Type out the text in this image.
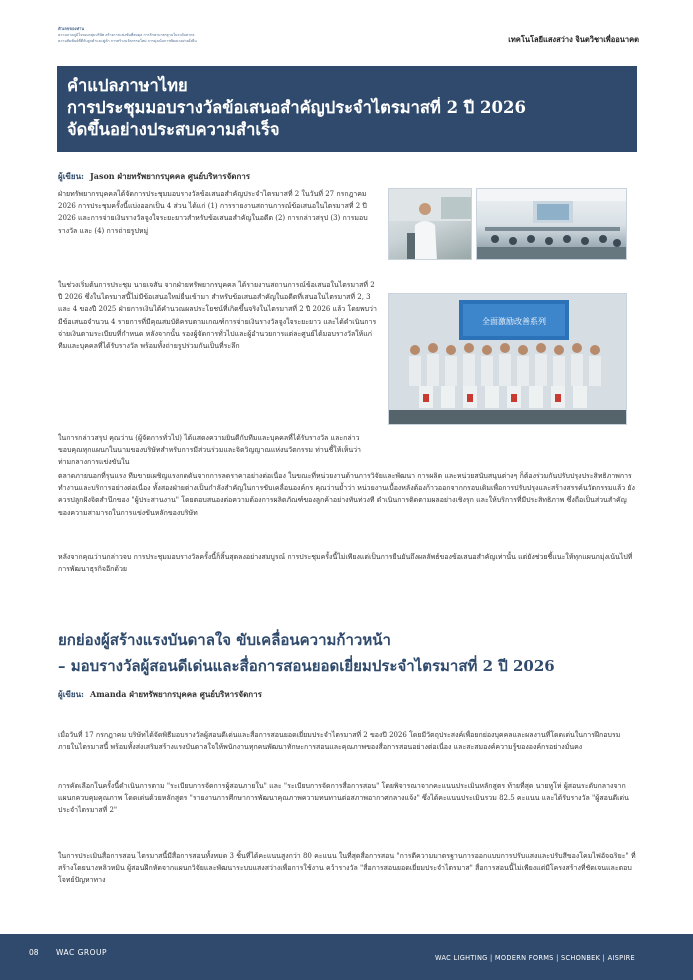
ตัวเลขของท่าน
ความภาคภูมิใจของกลุ่มบริษัท สร้างการแข่งขันที่สมดุล การรักษามาตรฐานในระดับสากล
ความสัมพันธ์ที่ดีกับลูกค้าและคู่ค้า การสร้างนวัตกรรมใหม่ การมุ่งเน้นการพัฒนาอย่างยั่งยืน	เทคโนโลยีแสงสว่าง จินตวิชาเพื่ออนาคต
คำแปลภาษาไทย
การประชุมมอบรางวัลข้อเสนอสำคัญประจำไตรมาสที่ 2 ปี 2026
จัดขึ้นอย่างประสบความสำเร็จ
ผู้เขียน: Jason ฝ่ายทรัพยากรบุคคล ศูนย์บริหารจัดการ

ฝ่ายทรัพยากรบุคคลได้จัดการประชุมมอบรางวัลข้อเสนอสำคัญประจำไตรมาสที่ 2 ในวันที่ 27 กรกฎาคม 2026 การประชุมครั้งนี้แบ่งออกเป็น 4 ส่วน ได้แก่ (1) การรายงานสถานการณ์ข้อเสนอในไตรมาสที่ 2 ปี 2026 และการจ่ายเงินรางวัลจูงใจระยะยาวสำหรับข้อเสนอสำคัญในอดีต (2) การกล่าวสรุป (3) การมอบรางวัล และ (4) การถ่ายรูปหมู่

ในช่วงเริ่มต้นการประชุม นายเจสัน จากฝ่ายทรัพยากรบุคคล ได้รายงานสถานการณ์ข้อเสนอในไตรมาสที่ 2 ปี 2026 ซึ่งในไตรมาสนี้ไม่มีข้อเสนอใหม่ยื่นเข้ามา สำหรับข้อเสนอสำคัญในอดีตที่เสนอในไตรมาสที่ 2, 3 และ 4 ของปี 2025 ฝ่ายการเงินได้คำนวณผลประโยชน์ที่เกิดขึ้นจริงในไตรมาสที่ 2 ปี 2026 แล้ว โดยพบว่ามีข้อเสนอจำนวน 4 รายการที่มีคุณสมบัติครบตามเกณฑ์การจ่ายเงินรางวัลจูงใจระยะยาว และได้ดำเนินการจ่ายเงินตามระเบียบที่กำหนด หลังจากนั้น รองผู้จัดการทั่วไปและผู้อำนวยการแต่ละศูนย์ได้มอบรางวัลให้แก่ทีมและบุคคลที่ได้รับรางวัล พร้อมทั้งถ่ายรูปร่วมกันเป็นที่ระลึก

ในการกล่าวสรุป คุณว่าน (ผู้จัดการทั่วไป) ได้แสดงความยินดีกับทีมและบุคคลที่ได้รับรางวัล และกล่าวขอบคุณทุกแผนกในนามของบริษัทสำหรับการมีส่วนร่วมและจิตวิญญาณแห่งนวัตกรรม ท่านชี้ให้เห็นว่า ท่ามกลางการแข่งขันใน

全面激励改善系列

ตลาดภายนอกที่รุนแรง ทีมขายเผชิญแรงกดดันจากการลดราคาอย่างต่อเนื่อง ในขณะที่หน่วยงานด้านการวิจัยและพัฒนา การผลิต และหน่วยสนับสนุนต่างๆ ก็ต้องร่วมกันปรับปรุงประสิทธิภาพการทำงานและบริการอย่างต่อเนื่อง ทั้งสองฝ่ายต่างเป็นกำลังสำคัญในการขับเคลื่อนองค์กร คุณว่านย้ำว่า หน่วยงานเบื้องหลังต้องก้าวออกจากกรอบเดิมเพื่อการปรับปรุงและสร้างสรรค์นวัตกรรมแล้ว ยังควรปลูกฝังจิตสำนึกของ "ผู้ประสานงาน" โดยตอบสนองต่อความต้องการผลิตภัณฑ์ของลูกค้าอย่างทันท่วงที ดำเนินการติดตามผลอย่างเชิงรุก และให้บริการที่มีประสิทธิภาพ ซึ่งถือเป็นส่วนสำคัญของความสามารถในการแข่งขันหลักของบริษัท

หลังจากคุณว่านกล่าวจบ การประชุมมอบรางวัลครั้งนี้ก็สิ้นสุดลงอย่างสมบูรณ์ การประชุมครั้งนี้ไม่เพียงแต่เป็นการยืนยันถึงผลลัพธ์ของข้อเสนอสำคัญเท่านั้น แต่ยังช่วยชี้แนะให้ทุกแผนกมุ่งเน้นไปที่การพัฒนาธุรกิจอีกด้วย

ยกย่องผู้สร้างแรงบันดาลใจ ขับเคลื่อนความก้าวหน้า
– มอบรางวัลผู้สอนดีเด่นและสื่อการสอนยอดเยี่ยมประจำไตรมาสที่ 2 ปี 2026
ผู้เขียน: Amanda ฝ่ายทรัพยากรบุคคล ศูนย์บริหารจัดการ

เมื่อวันที่ 17 กรกฎาคม บริษัทได้จัดพิธีมอบรางวัลผู้สอนดีเด่นและสื่อการสอนยอดเยี่ยมประจำไตรมาสที่ 2 ของปี 2026 โดยมีวัตถุประสงค์เพื่อยกย่องบุคคลและผลงานที่โดดเด่นในการฝึกอบรมภายในไตรมาสนี้ พร้อมทั้งส่งเสริมสร้างแรงบันดาลใจให้พนักงานทุกคนพัฒนาทักษะการสอนและคุณภาพของสื่อการสอนอย่างต่อเนื่อง และสะสมองค์ความรู้ขององค์กรอย่างมั่นคง

การคัดเลือกในครั้งนี้ดำเนินการตาม "ระเบียบการจัดการผู้สอนภายใน" และ "ระเบียบการจัดการสื่อการสอน" โดยพิจารณาจากคะแนนประเมินหลักสูตร ท้ายที่สุด นายหูโห่ ผู้สอนระดับกลางจากแผนกควบคุมคุณภาพ โดดเด่นด้วยหลักสูตร "รายงานการศึกษาการพัฒนาคุณภาพความทนทานต่อสภาพอากาศกลางแจ้ง" ซึ่งได้คะแนนประเมินรวม 82.5 คะแนน และได้รับรางวัล "ผู้สอนดีเด่นประจำไตรมาสที่ 2"

ในการประเมินสื่อการสอน ไตรมาสนี้มีสื่อการสอนทั้งหมด 3 ชิ้นที่ได้คะแนนสูงกว่า 80 คะแนน ในที่สุดสื่อการสอน "การตีความมาตรฐานการออกแบบการปรับแสงและปรับสีของโคมไฟอัจฉริยะ" ที่สร้างโดยนางหลิวหมิน ผู้สอนฝึกหัดจากแผนกวิจัยและพัฒนาระบบแสงสว่างเพื่อการใช้งาน คว้ารางวัล "สื่อการสอนยอดเยี่ยมประจำไตรมาส" สื่อการสอนนี้ไม่เพียงแต่มีโครงสร้างที่ชัดเจนและตอบโจทย์ปัญหาทาง

08 WAC GROUP
WAC LIGHTING | MODERN FORMS | SCHONBEK | AISPIRE
